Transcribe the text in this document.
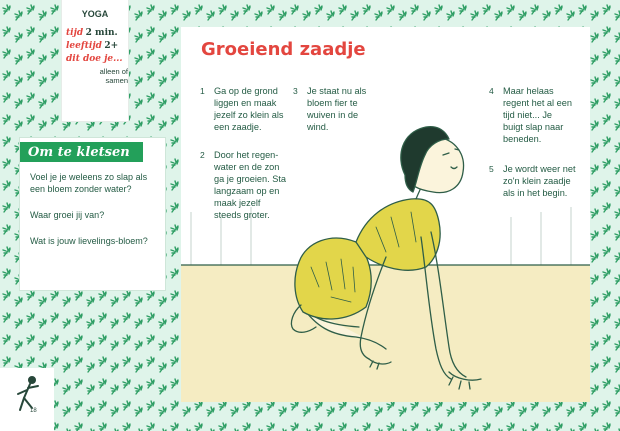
YOGA
tijd 2 min.
leeftijd 2+
dit doe je...
alleen of
samen
Groeiend zaadje
1 Ga op de grond liggen en maak jezelf zo klein als een zaadje.
2 Door het regen-water en de zon ga je groeien. Sta langzaam op en maak jezelf steeds groter.
3 Je staat nu als bloem fier te wuiven in de wind.
4 Maar helaas regent het al een tijd niet... Je buigt slap naar beneden.
5 Je wordt weer net zo'n klein zaadje als in het begin.
Om te kletsen
Voel je je weleens zo slap als een bloem zonder water?
Waar groei jij van?
Wat is jouw lievelings-bloem?
18
